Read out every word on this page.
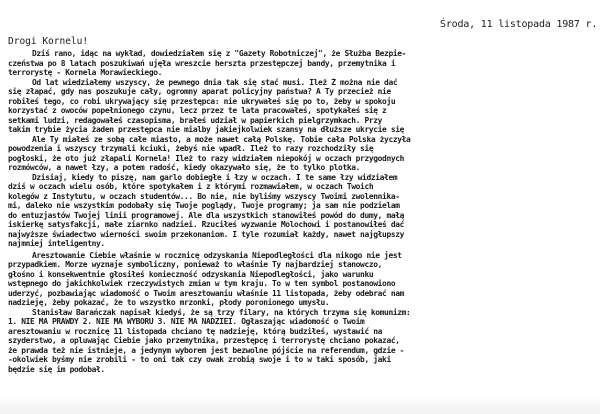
Środa, 11 listopada 1987 r.
Drogi Kornelu!

Dziś rano, idąc na wykład, dowiedziałem się z "Gazety Robotniczej", że Służba Bezpie-

czeństwa po 8 latach poszukiwań ujęła wreszcie herszta przestępczej bandy, przemytnika i

terrorystę - Kornela Morawieckiego.

Od lat wiedziałemy wszyscy, że pewnego dnia tak się stać musi. Ileż Ż można nie dać

się złapać, gdy nas poszukuje cały, ogromny aparat policyjny państwa? A Ty przecież nie

robiłeś tego, co robi ukrywający się przestępca: nie ukrywałeś się po to, żeby w spokoju

korzystać z owoców popełnionego czynu, lecz przez te lata pracowałeś, spotykałeś się z

setkami ludzi, redagowałeś czasopisma, brałeś udział w papierkich pielgrzymkach. Przy

takim trybie życia żaden przestępca nie mialby jakiejkolwiek szansy na dłuższe ukrycie się

Ale Ty miałeś ze sobą całe miasto, a może nawet całą Polskę. Tobie cała Polska życzyła

powodzenia i wszyscy trzymali kciuki, żebyś nie wpadł. Ileż to razy rozchodziły się

pogłoski, że oto już złapali Kornela! Ileż to razy widziałem niepokój w oczach przygodnych

rozmówców, a nawet łzy, a potem radość, kiedy okazywało się, że to tylko plotka.

Dzisiaj, kiedy to piszę, nam garlo dobiegłe i łzy w oczach. I te same łzy widziałem

dziś w oczach wielu osób, które spotykałem i z którymi rozmawiałem, w oczach Twoich

kolegów z Instytutu, w oczach studentów... Bo nie, nie byliśmy wszyscy Twoimi zwolennika-

mi, daleko nie wszystkim podobały się Twoje poglądy, Twoje programy; ja sam nie podzielam

do entuzjastów Twojej linii programowej. Ale dla wszystkich stanowiłeś powód do dumy, małą

iskierkę satysfakcji, małe ziarnko nadziei. Rzuciłeś wyzwanie Molochowi i postanowiłeś dać

najwyższe świadectwo wierności swoim przekonaniom. I tyle rozumiał każdy, nawet najgłupszy

najmniej inteligentny.

Aresztowanie Ciebie właśnie w rocznicę odzyskania Niepodległości dla nikogo nie jest

przypadkiem. Morze wyznaje symboliczny, ponieważ to właśnie Ty najbardziej stanowczo,

głośno i konsekwentnie głosiłeś konieczność odzyskania Niepodległości, jako warunku

wstępnego do jakichkolwiek rzeczywistych zmian w tym kraju. To w ten symbol postanowiono

uderzyć, pozbawiając wiadomość o Twoim aresztowaniu właśnie 11 listopada, żeby odebrać nam

nadzieję, żeby pokazać, że to wszystko mrzonki, płody poronionego umysłu.

Stanisław Barańczak napisał kiedyś, że są trzy filary, na których trzyma się komunizm:

1. NIE MA PRAWDY 2. NIE MA WYBORU 3. NIE MA NADZIEI. Ogłaszając wiadomość o Twoim

aresztowaniu w rocznicę 11 listopada chciano tę nadzieję, którą budziłeś, wystawić na

szyderstwo, a opluwając Ciebie jako przemytnika, przestępcę i terrorystę chciano pokazać,

że prawda też nie istnieje, a jedynym wyborem jest bezwolne pójście na referendum, gdzie -

-okolwiek byśmy nie zrobili - to oni tak czy owak zrobią swoje i to w taki sposób, jaki

będzie się im podobał.
